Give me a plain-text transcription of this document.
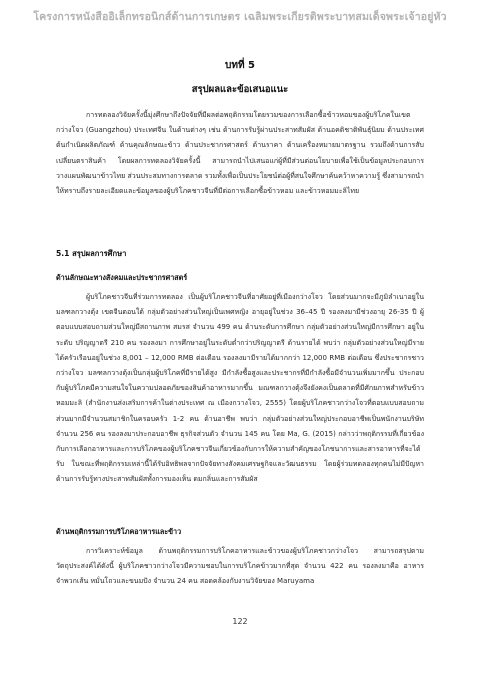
โครงการหนังสืออิเล็กทรอนิกส์ด้านการเกษตร เฉลิมพระเกียรติพระบาทสมเด็จพระเจ้าอยู่หัว
บทที่ 5
สรุปผลและข้อเสนอแนะ

การทดลองวิจัยครั้งนี้มุ่งศึกษาถึงปัจจัยที่มีผลต่อพฤติกรรมโดยรวมของการเลือกซื้อข้าวหอมของผู้บริโภคในเขตกว่างโจว (Guangzhou) ประเทศจีน ในด้านต่างๆ เช่น ด้านการรับรู้ผ่านประสาทสัมผัส ด้านอคติชาติพันธุ์นิยม ด้านประเทศต้นกำเนิดผลิตภัณฑ์ ด้านคุณลักษณะข้าว ด้านประชากรศาสตร์ ด้านราคา ด้านเครื่องหมายมาตรฐาน รวมถึงด้านการสับเปลี่ยนตราสินค้า โดยผลการทดลองวิจัยครั้งนี้ สามารถนำไปเสนอแก่ผู้ที่มีส่วนต่อนโยบายเพื่อใช้เป็นข้อมูลประกอบการวางแผนพัฒนาข้าวไทย ส่วนประสมทางการตลาด รวมทั้งเพื่อเป็นประโยชน์ต่อผู้ที่สนใจศึกษาค้นคว้าหาความรู้ ซึ่งสามารถนำให้ทราบถึงรายละเอียดและข้อมูลของผู้บริโภคชาวจีนที่มีต่อการเลือกซื้อข้าวหอม และข้าวหอมมะลิไทย

5.1 สรุปผลการศึกษา
ด้านลักษณะทางสังคมและประชากรศาสตร์

ผู้บริโภคชาวจีนที่ร่วมการทดลอง เป็นผู้บริโภคชาวจีนที่อาศัยอยู่ที่เมืองกว่างโจว โดยส่วนมากจะมีภูมิลำเนาอยู่ในมลฑลกวางตุ้ง เขตจีนตอนใต้ กลุ่มตัวอย่างส่วนใหญ่เป็นเพศหญิง อายุอยู่ในช่วง 36–45 ปี รองลงมามีช่วงอายุ 26-35 ปี ผู้ตอบแบบสอบถามส่วนใหญ่มีสถานภาพ สมรส จำนวน 499 คน ด้านระดับการศึกษา กลุ่มตัวอย่างส่วนใหญ่มีการศึกษา อยู่ในระดับ ปริญญาตรี 210 คน รองลงมา การศึกษาอยู่ในระดับต่ำกว่าปริญญาตรี ด้านรายได้ พบว่า กลุ่มตัวอย่างส่วนใหญ่มีรายได้ครัวเรือนอยู่ในช่วง 8,001 – 12,000 RMB ต่อเดือน รองลงมามีรายได้มากกว่า 12,000 RMB ต่อเดือน ซึ่งประชากรชาวกว่างโจว มลฑลกวางตุ้งเป็นกลุ่มผู้บริโภคที่มีรายได้สูง มีกำลังซื้อสูงและประชากรที่มีกำลังซื้อมีจำนวนเพิ่มมากขึ้น ประกอบกับผู้บริโภคมีความสนใจในความปลอดภัยของสินค้าอาหารมากขึ้น มณฑลกวางตุ้งจึงยังคงเป็นตลาดที่มีศักยภาพสำหรับข้าวหอมมะลิ (สำนักงานส่งเสริมการค้าในต่างประเทศ ณ เมืองกวางโจว, 2555) โดยผู้บริโภคชาวกว่างโจวที่ตอบแบบสอบถามส่วนมากมีจำนวนสมาชิกในครอบครัว 1-2 คน ด้านอาชีพ พบว่า กลุ่มตัวอย่างส่วนใหญ่ประกอบอาชีพเป็นพนักงานบริษัท จำนวน 256 คน รองลงมาประกอบอาชีพ ธุรกิจส่วนตัว จำนวน 145 คน โดย Ma, G. (2015) กล่าวว่าพฤติกรรมที่เกี่ยวข้องกับการเลือกอาหารและการบริโภคของผู้บริโภคชาวจีนเกี่ยวข้องกับการให้ความสำคัญของโภชนาการและสารอาหารที่จะได้รับ ในขณะที่พฤติกรรมเหล่านี้ได้รับอิทธิพลจากปัจจัยทางสังคมเศรษฐกิจและวัฒนธรรม โดยผู้ร่วมทดลองทุกคนไม่มีปัญหาด้านการรับรู้ทางประสาทสัมผัสทั้งการมองเห็น ดมกลิ่นและการสัมผัส

ด้านพฤติกรรมการบริโภคอาหารและข้าว

การวิเคราะห์ข้อมูล ด้านพฤติกรรมการบริโภคอาหารและข้าวของผู้บริโภคชาวกว่างโจว สามารถสรุปตามวัตถุประสงค์ได้ดังนี้ ผู้บริโภคชาวกว่างโจวมีความชอบในการบริโภคข้าวมากที่สุด จำนวน 422 คน รองลงมาคือ อาหารจำพวกเส้น หมั่นโถวและขนมปัง จำนวน 24 คน สอดคล้องกับงานวิจัยของ Maruyama

122
